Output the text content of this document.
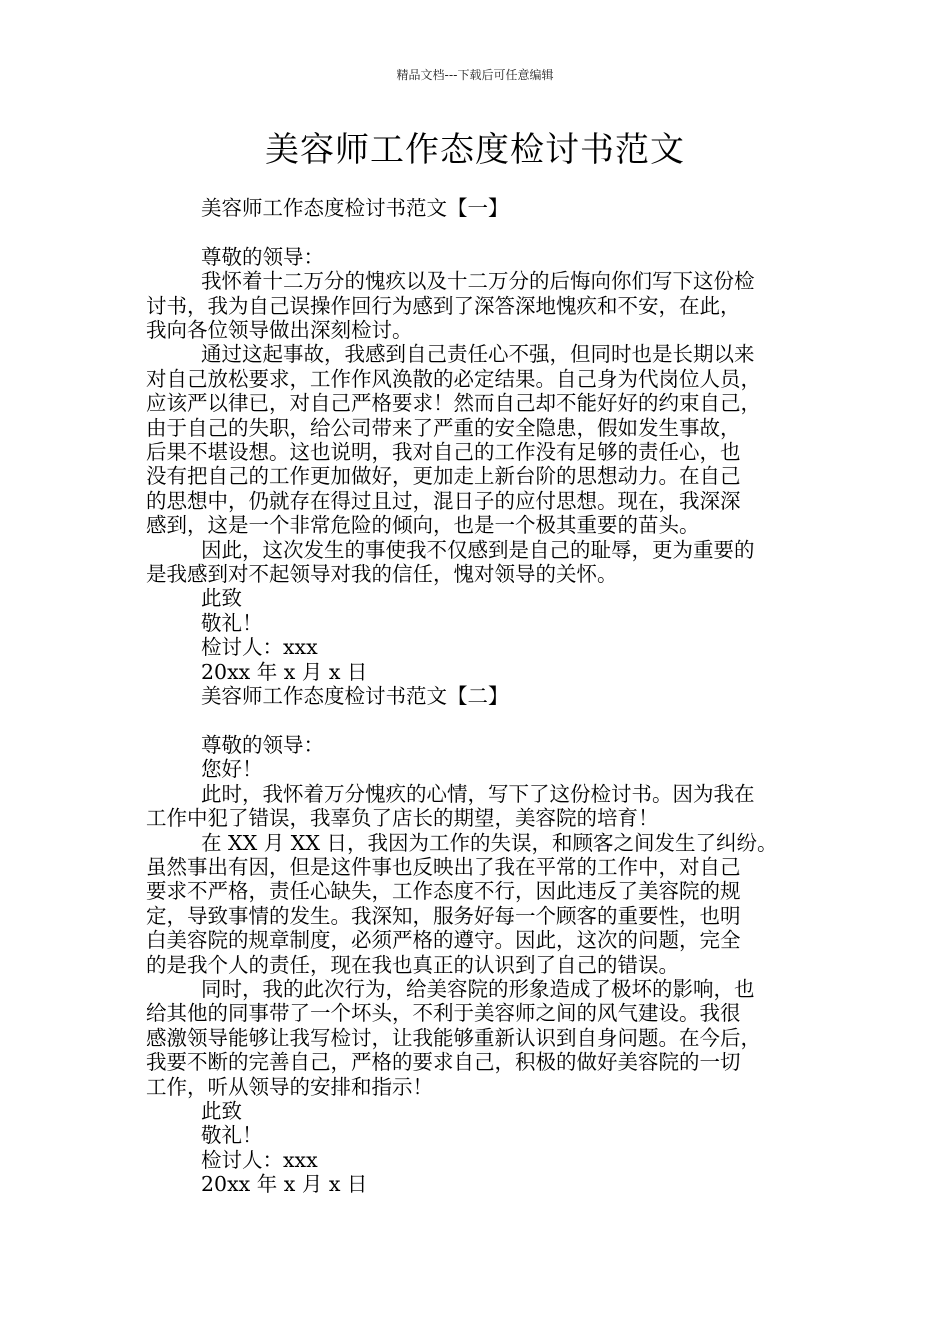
精品文档---下载后可任意编辑
美容师工作态度检讨书范文
美容师工作态度检讨书范文【一】
尊敬的领导：
我怀着十二万分的愧疚以及十二万分的后悔向你们写下这份检
讨书，我为自己误操作回行为感到了深答深地愧疚和不安，在此，
我向各位领导做出深刻检讨。
通过这起事故，我感到自己责任心不强，但同时也是长期以来
对自己放松要求，工作作风涣散的必定结果。自己身为代岗位人员，
应该严以律已，对自己严格要求！然而自己却不能好好的约束自己，
由于自己的失职，给公司带来了严重的安全隐患，假如发生事故，
后果不堪设想。这也说明，我对自己的工作没有足够的责任心，也
没有把自己的工作更加做好，更加走上新台阶的思想动力。在自己
的思想中，仍就存在得过且过，混日子的应付思想。现在，我深深
感到，这是一个非常危险的倾向，也是一个极其重要的苗头。
因此，这次发生的事使我不仅感到是自己的耻辱，更为重要的
是我感到对不起领导对我的信任，愧对领导的关怀。
此致
敬礼！
检讨人：xxx
20xx 年 x 月 x 日
美容师工作态度检讨书范文【二】
尊敬的领导：
您好！
此时，我怀着万分愧疚的心情，写下了这份检讨书。因为我在
工作中犯了错误，我辜负了店长的期望，美容院的培育！
在 XX 月 XX 日，我因为工作的失误，和顾客之间发生了纠纷。
虽然事出有因，但是这件事也反映出了我在平常的工作中，对自己
要求不严格，责任心缺失，工作态度不行，因此违反了美容院的规
定，导致事情的发生。我深知，服务好每一个顾客的重要性，也明
白美容院的规章制度，必须严格的遵守。因此，这次的问题，完全
的是我个人的责任，现在我也真正的认识到了自己的错误。
同时，我的此次行为，给美容院的形象造成了极坏的影响，也
给其他的同事带了一个坏头，不利于美容师之间的风气建设。我很
感激领导能够让我写检讨，让我能够重新认识到自身问题。在今后，
我要不断的完善自己，严格的要求自己，积极的做好美容院的一切
工作，听从领导的安排和指示！
此致
敬礼！
检讨人：xxx
20xx 年 x 月 x 日
